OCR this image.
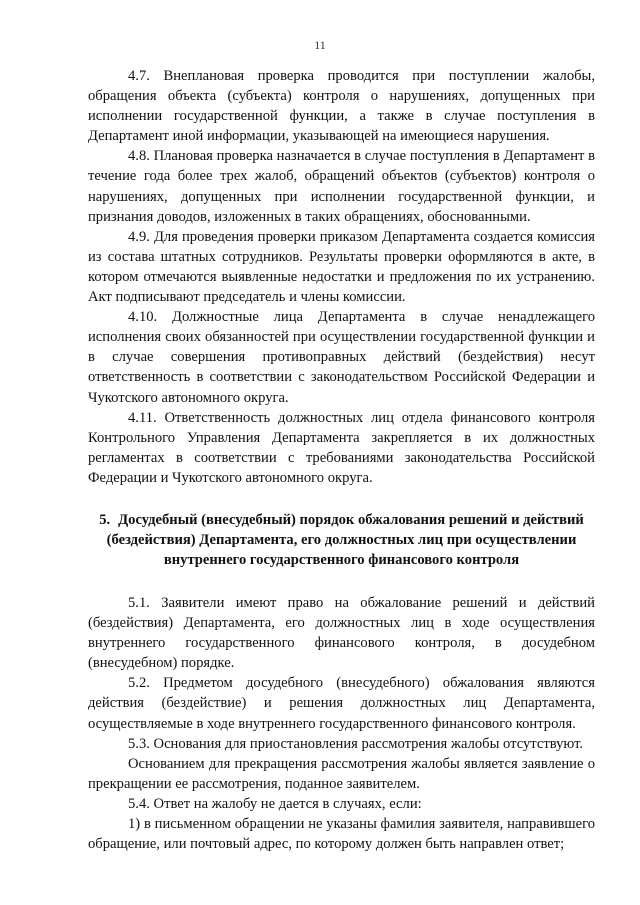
11

4.7. Внеплановая проверка проводится при поступлении жалобы, обращения объекта (субъекта) контроля о нарушениях, допущенных при исполнении государственной функции, а также в случае поступления в Департамент иной информации, указывающей на имеющиеся нарушения.

4.8. Плановая проверка назначается в случае поступления в Департамент в течение года более трех жалоб, обращений объектов (субъектов) контроля о нарушениях, допущенных при исполнении государственной функции, и признания доводов, изложенных в таких обращениях, обоснованными.

4.9. Для проведения проверки приказом Департамента создается комиссия из состава штатных сотрудников. Результаты проверки оформляются в акте, в котором отмечаются выявленные недостатки и предложения по их устранению. Акт подписывают председатель и члены комиссии.

4.10. Должностные лица Департамента в случае ненадлежащего исполнения своих обязанностей при осуществлении государственной функции и в случае совершения противоправных действий (бездействия) несут ответственность в соответствии с законодательством Российской Федерации и Чукотского автономного округа.

4.11. Ответственность должностных лиц отдела финансового контроля Контрольного Управления Департамента закрепляется в их должностных регламентах в соответствии с требованиями законодательства Российской Федерации и Чукотского автономного округа.

5. Досудебный (внесудебный) порядок обжалования решений и действий (бездействия) Департамента, его должностных лиц при осуществлении внутреннего государственного финансового контроля

5.1. Заявители имеют право на обжалование решений и действий (бездействия) Департамента, его должностных лиц в ходе осуществления внутреннего государственного финансового контроля, в досудебном (внесудебном) порядке.

5.2. Предметом досудебного (внесудебного) обжалования являются действия (бездействие) и решения должностных лиц Департамента, осуществляемые в ходе внутреннего государственного финансового контроля.

5.3. Основания для приостановления рассмотрения жалобы отсутствуют.

Основанием для прекращения рассмотрения жалобы является заявление о прекращении ее рассмотрения, поданное заявителем.

5.4. Ответ на жалобу не дается в случаях, если:

1) в письменном обращении не указаны фамилия заявителя, направившего обращение, или почтовый адрес, по которому должен быть направлен ответ;
